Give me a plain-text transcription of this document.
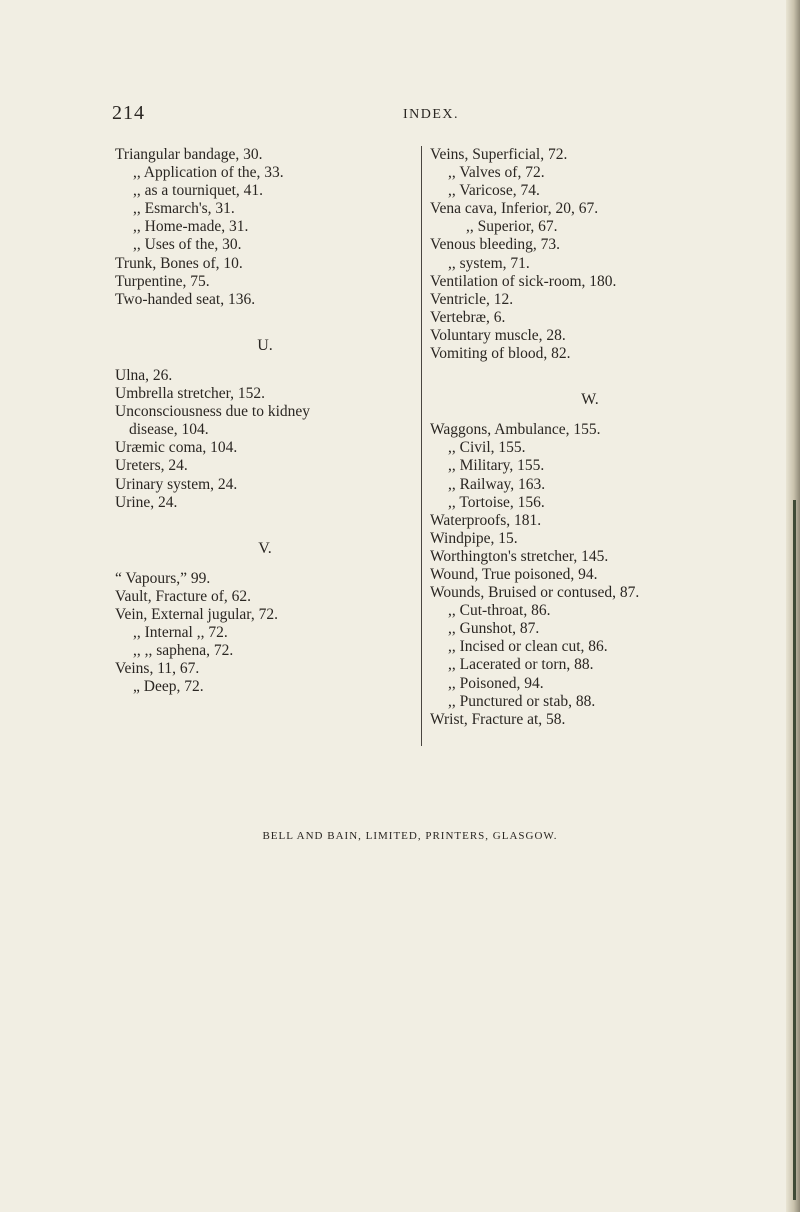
214	INDEX.
Triangular bandage, 30.
,, Application of the, 33.
,, as a tourniquet, 41.
,, Esmarch's, 31.
,, Home-made, 31.
,, Uses of the, 30.
Trunk, Bones of, 10.
Turpentine, 75.
Two-handed seat, 136.
U.
Ulna, 26.
Umbrella stretcher, 152.
Unconsciousness due to kidney
disease, 104.
Uræmic coma, 104.
Ureters, 24.
Urinary system, 24.
Urine, 24.
V.
“ Vapours,” 99.
Vault, Fracture of, 62.
Vein, External jugular, 72.
,, Internal ,, 72.
,, ,, saphena, 72.
Veins, 11, 67.
„ Deep, 72.
Veins, Superficial, 72.
,, Valves of, 72.
,, Varicose, 74.
Vena cava, Inferior, 20, 67.
,, Superior, 67.
Venous bleeding, 73.
,, system, 71.
Ventilation of sick-room, 180.
Ventricle, 12.
Vertebræ, 6.
Voluntary muscle, 28.
Vomiting of blood, 82.
W.
Waggons, Ambulance, 155.
,, Civil, 155.
,, Military, 155.
,, Railway, 163.
,, Tortoise, 156.
Waterproofs, 181.
Windpipe, 15.
Worthington's stretcher, 145.
Wound, True poisoned, 94.
Wounds, Bruised or contused, 87.
,, Cut-throat, 86.
,, Gunshot, 87.
,, Incised or clean cut, 86.
,, Lacerated or torn, 88.
,, Poisoned, 94.
,, Punctured or stab, 88.
Wrist, Fracture at, 58.
BELL AND BAIN, LIMITED, PRINTERS, GLASGOW.
